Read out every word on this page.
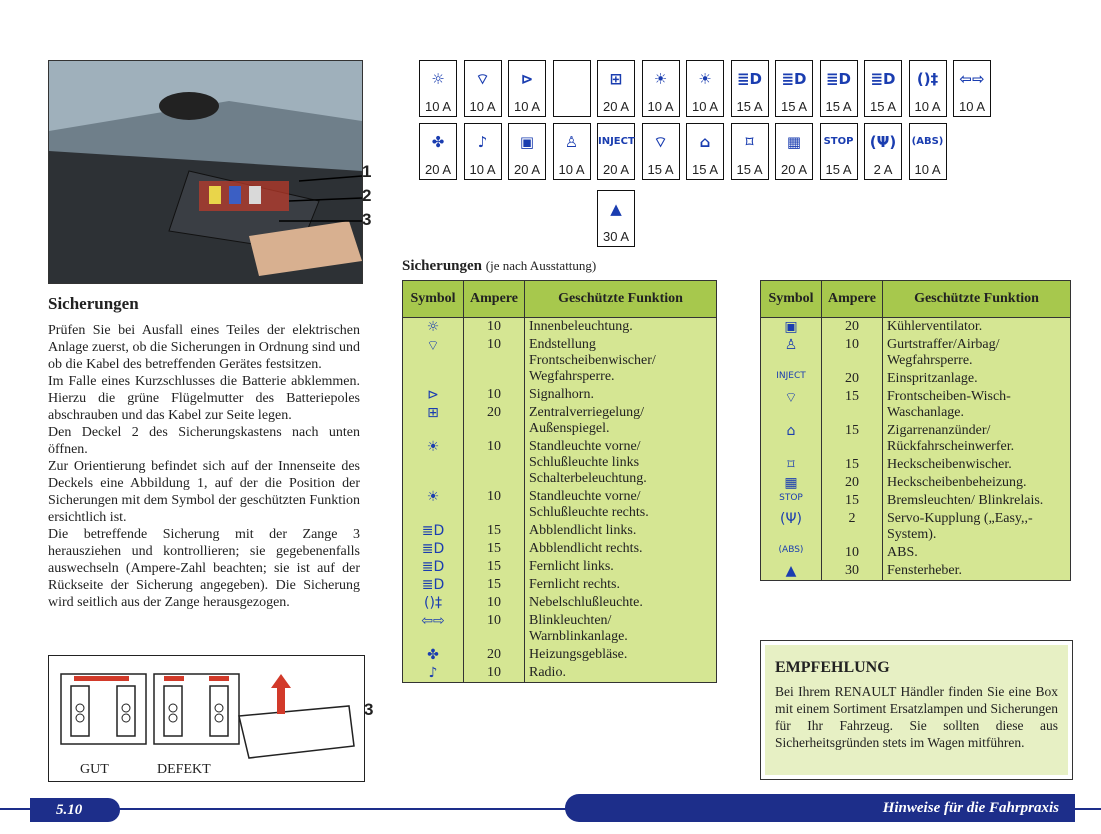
1
2
3
Sicherungen

Prüfen Sie bei Ausfall eines Teiles der elektrischen Anlage zuerst, ob die Sicherungen in Ordnung sind und ob die Kabel des betreffenden Gerätes festsitzen.

Im Falle eines Kurzschlusses die Batterie abklemmen. Hierzu die grüne Flügelmutter des Batteriepoles abschrauben und das Kabel zur Seite legen.

Den Deckel 2 des Sicherungskastens nach unten öffnen.

Zur Orientierung befindet sich auf der Innenseite des Deckels eine Abbildung 1, auf der die Position der Sicherungen mit dem Symbol der geschützten Funktion ersichtlich ist.

Die betreffende Sicherung mit der Zange 3 herausziehen und kontrollieren; sie gegebenenfalls auswechseln (Ampere-Zahl beachten; sie ist auf der Rückseite der Sicherung angegeben). Die Sicherung wird seitlich aus der Zange herausgezogen.

GUT	DEFEKT
3
☼
10 A
⌔
10 A
⊳
10 A
⊞
20 A
☀
10 A
☀
10 A
≣D
15 A
≣D
15 A
≣D
15 A
≣D
15 A
()‡
10 A
⇦⇨
10 A
✤
20 A
♪
10 A
▣
20 A
♙
10 A
INJECT
20 A
⌔
15 A
⌂
15 A
⌑
15 A
▦
20 A
STOP
15 A
(Ψ)
2 A
(ABS)
10 A
▲
30 A
Sicherungen (je nach Ausstattung)
Symbol	Ampere	Geschützte Funktion
☼	10	Innenbeleuchtung.
⌔	10	Endstellung Frontscheibenwischer/ Wegfahrsperre.
⊳	10	Signalhorn.
⊞	20	Zentralverriegelung/ Außenspiegel.
☀	10	Standleuchte vorne/ Schlußleuchte links Schalterbeleuchtung.
☀	10	Standleuchte vorne/ Schlußleuchte rechts.
≣D	15	Abblendlicht links.
≣D	15	Abblendlicht rechts.
≣D	15	Fernlicht links.
≣D	15	Fernlicht rechts.
()‡	10	Nebelschlußleuchte.
⇦⇨	10	Blinkleuchten/ Warnblinkanlage.
✤	20	Heizungsgebläse.
♪	10	Radio.
Symbol	Ampere	Geschützte Funktion
▣	20	Kühlerventilator.
♙	10	Gurtstraffer/Airbag/ Wegfahrsperre.
INJECT	20	Einspritzanlage.
⌔	15	Frontscheiben-Wisch-Waschanlage.
⌂	15	Zigarrenanzünder/ Rückfahrscheinwerfer.
⌑	15	Heckscheibenwischer.
▦	20	Heckscheibenbeheizung.
STOP	15	Bremsleuchten/ Blinkrelais.
(Ψ)	2	Servo-Kupplung („Easy,,-System).
(ABS)	10	ABS.
▲	30	Fensterheber.
EMPFEHLUNG

Bei Ihrem RENAULT Händler finden Sie eine Box mit einem Sortiment Ersatzlampen und Sicherungen für Ihr Fahrzeug. Sie sollten diese aus Sicherheitsgründen stets im Wagen mitführen.

5.10	Hinweise für die Fahrpraxis
